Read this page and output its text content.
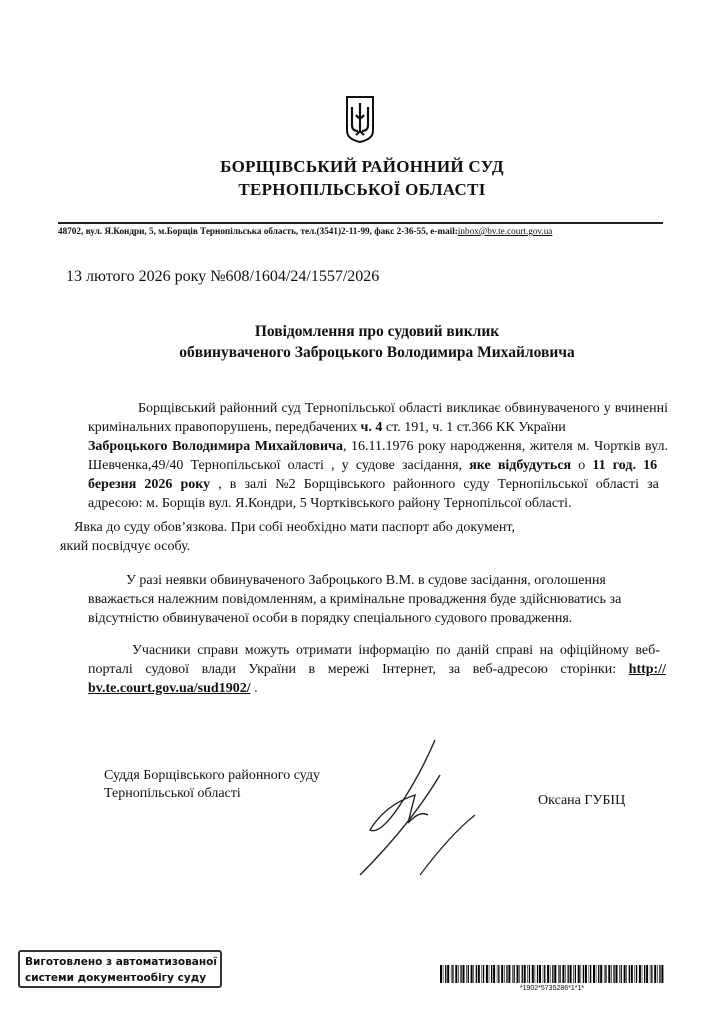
БОРЩІВСЬКИЙ РАЙОННИЙ СУД
ТЕРНОПІЛЬСЬКОЇ ОБЛАСТІ
48702, вул. Я.Кондри, 5, м.Борщів Тернопільська область, тел.(3541)2-11-99, факс 2-36-55, e-mail:inbox@bv.te.court.gov.ua
13 лютого 2026 року №608/1604/24/1557/2026
Повідомлення про судовий виклик
обвинуваченого Заброцького Володимира Михайловича
Борщівський районний суд Тернопільської області викликає обвинуваченого у вчиненні
кримінальних правопорушень, передбачених ч. 4 ст. 191, ч. 1 ст.366 КК України
Заброцького Володимира Михайловича, 16.11.1976 року народження, жителя м. Чортків вул.
Шевченка,49/40 Тернопільської оласті , у судове засідання, яке відбудуться о 11 год. 16
березня 2026 року , в залі №2 Борщівського районного суду Тернопільської області за
адресою: м. Борщів вул. Я.Кондри, 5 Чортківського району Тернопільсої області.
Явка до суду обов’язкова. При собі необхідно мати паспорт або документ,
який посвідчує особу.
У разі неявки обвинуваченого Заброцького В.М. в судове засідання, оголошення
вважається належним повідомленням, а кримінальне провадження буде здійснюватись за
відсутністю обвинуваченої особи в порядку спеціального судового провадження.
Учасники справи можуть отримати інформацію по даній справі на офіційному веб-
порталі судової влади України в мережі Інтернет, за веб-адресою сторінки: http://
bv.te.court.gov.ua/sud1902/ .
Суддя Борщівського районного суду
Тернопільської області	Оксана ГУБІЦ
Виготовлено з автоматизованої
системи документообігу суду
*1902*5735286*1*1*
